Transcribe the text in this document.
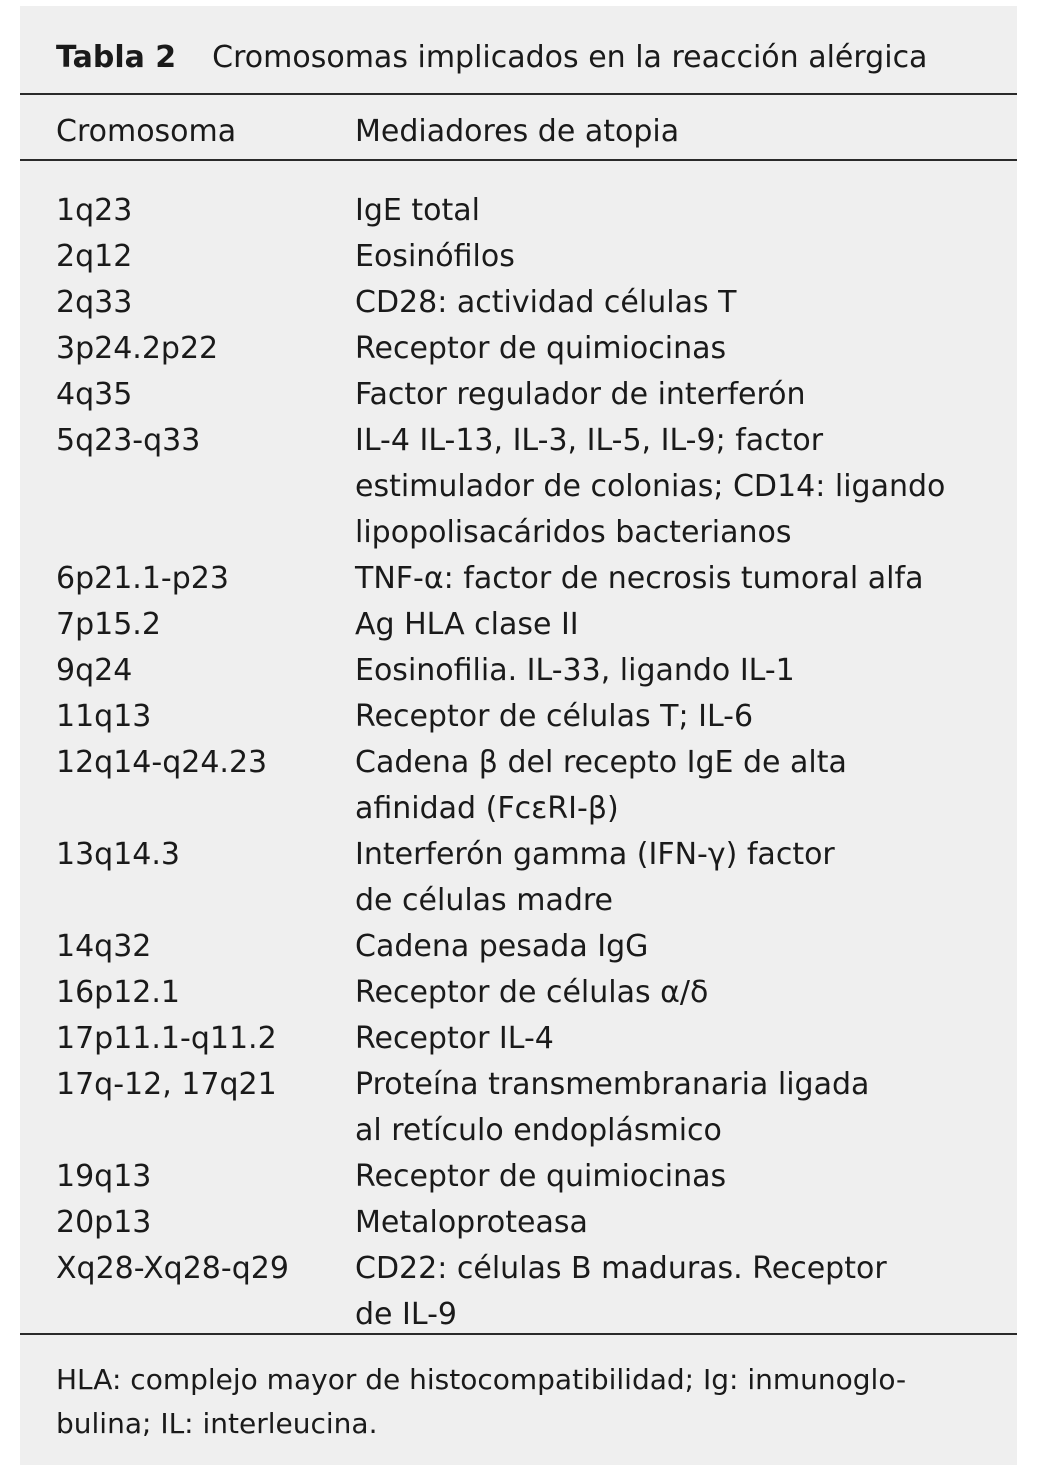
Tabla 2 Cromosomas implicados en la reacción alérgica
Cromosoma	Mediadores de atopia
1q23	IgE total
2q12	Eosinófilos
2q33	CD28: actividad células T
3p24.2p22	Receptor de quimiocinas
4q35	Factor regulador de interferón
5q23-q33	IL-4 IL-13, IL-3, IL-5, IL-9; factor
estimulador de colonias; CD14: ligando
lipopolisacáridos bacterianos
6p21.1-p23	TNF-α: factor de necrosis tumoral alfa
7p15.2	Ag HLA clase II
9q24	Eosinofilia. IL-33, ligando IL-1
11q13	Receptor de células T; IL-6
12q14-q24.23	Cadena β del recepto IgE de alta
afinidad (FcεRI-β)
13q14.3	Interferón gamma (IFN-γ) factor
de células madre
14q32	Cadena pesada IgG
16p12.1	Receptor de células α/δ
17p11.1-q11.2	Receptor IL-4
17q-12, 17q21	Proteína transmembranaria ligada
al retículo endoplásmico
19q13	Receptor de quimiocinas
20p13	Metaloproteasa
Xq28-Xq28-q29 CD22: células B maduras. Receptor
de IL-9
HLA: complejo mayor de histocompatibilidad; Ig: inmunoglo-
bulina; IL: interleucina.
